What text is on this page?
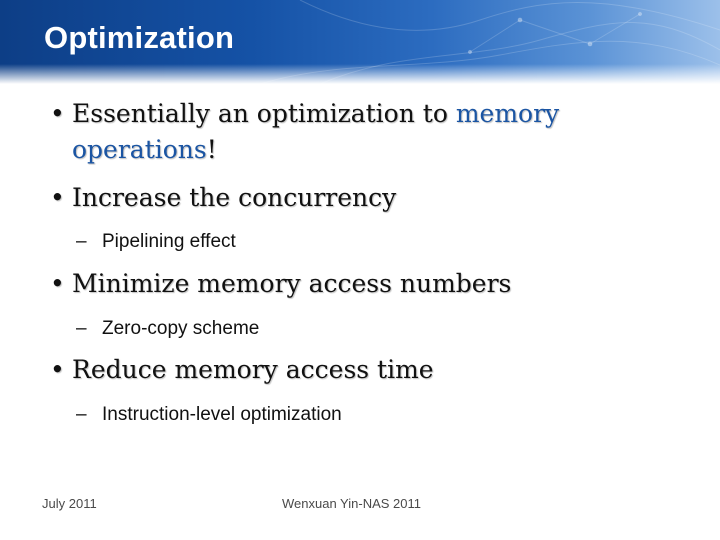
Optimization
• Essentially an optimization to memory
operations!
• Increase the concurrency
– Pipelining effect
• Minimize memory access numbers
– Zero-copy scheme
• Reduce memory access time
– Instruction-level optimization
July 2011	Wenxuan Yin-NAS 2011
